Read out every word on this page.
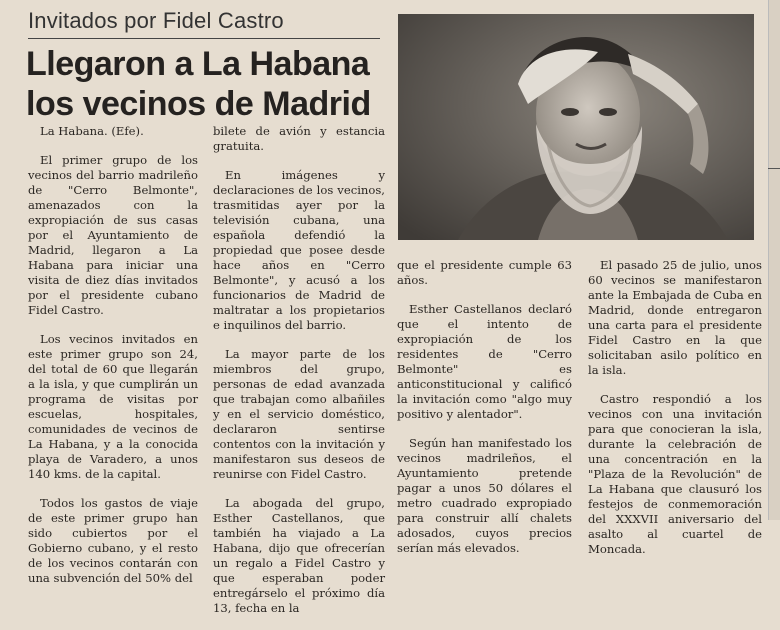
Invitados por Fidel Castro
Llegaron a La Habana
los vecinos de Madrid

La Habana. (Efe).

El primer grupo de los vecinos del barrio madrileño de "Cerro Belmonte", amenazados con la expropiación de sus casas por el Ayuntamiento de Madrid, llegaron a La Habana para iniciar una visita de diez días invitados por el presidente cubano Fidel Castro.

Los vecinos invitados en este primer grupo son 24, del total de 60 que llegarán a la isla, y que cumplirán un programa de visitas por escuelas, hospitales, comunidades de vecinos de La Habana, y a la conocida playa de Varadero, a unos 140 kms. de la capital.

Todos los gastos de viaje de este primer grupo han sido cubiertos por el Gobierno cubano, y el resto de los vecinos contarán con una subvención del 50% del

bilete de avión y estancia gratuita.

En imágenes y declaraciones de los vecinos, trasmitidas ayer por la televisión cubana, una española defendió la propiedad que posee desde hace años en "Cerro Belmonte", y acusó a los funcionarios de Madrid de maltratar a los propietarios e inquilinos del barrio.

La mayor parte de los miembros del grupo, personas de edad avanzada que trabajan como albañiles y en el servicio doméstico, declararon sentirse contentos con la invitación y manifestaron sus deseos de reunirse con Fidel Castro.

La abogada del grupo, Esther Castellanos, que también ha viajado a La Habana, dijo que ofrecerían un regalo a Fidel Castro y que esperaban poder entregárselo el próximo día 13, fecha en la

que el presidente cumple 63 años.

Esther Castellanos declaró que el intento de expropiación de los residentes de "Cerro Belmonte" es anticonstitucional y calificó la invitación como "algo muy positivo y alentador".

Según han manifestado los vecinos madrileños, el Ayuntamiento pretende pagar a unos 50 dólares el metro cuadrado expropiado para construir allí chalets adosados, cuyos precios serían más elevados.

El pasado 25 de julio, unos 60 vecinos se manifestaron ante la Embajada de Cuba en Madrid, donde entregaron una carta para el presidente Fidel Castro en la que solicitaban asilo político en la isla.

Castro respondió a los vecinos con una invitación para que conocieran la isla, durante la celebración de una concentración en la "Plaza de la Revolución" de La Habana que clausuró los festejos de conmemoración del XXXVII aniversario del asalto al cuartel de Moncada.
